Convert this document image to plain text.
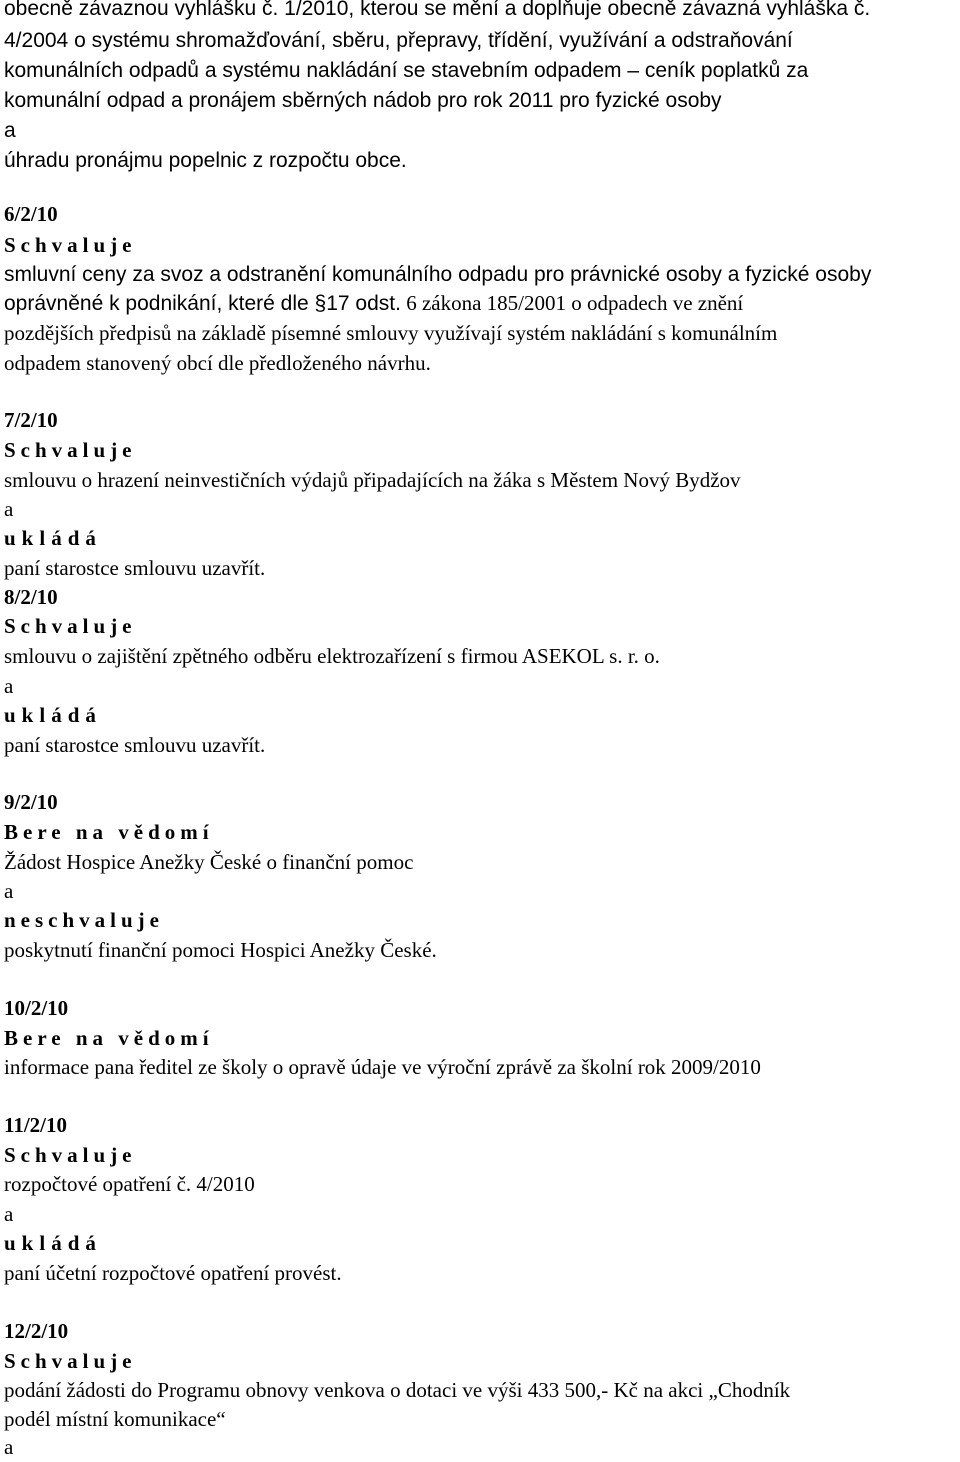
obecně závaznou vyhlášku č. 1/2010, kterou se mění a doplňuje obecně závazná vyhláška č.
4/2004 o systému shromažďování, sběru, přepravy, třídění, využívání a odstraňování
komunálních odpadů a systému nakládání se stavebním odpadem – ceník poplatků za
komunální odpad a pronájem sběrných nádob pro rok 2011 pro fyzické osoby
a
úhradu pronájmu popelnic z rozpočtu obce.
6/2/10
Schvaluje
smluvní ceny za svoz a odstranění komunálního odpadu pro právnické osoby a fyzické osoby
oprávněné k podnikání, které dle §17 odst. 6 zákona 185/2001 o odpadech ve znění
pozdějších předpisů na základě písemné smlouvy využívají systém nakládání s komunálním
odpadem stanovený obcí dle předloženého návrhu.
7/2/10
Schvaluje
smlouvu o hrazení neinvestičních výdajů připadajících na žáka s Městem Nový Bydžov
a
ukládá
paní starostce smlouvu uzavřít.
8/2/10
Schvaluje
smlouvu o zajištění zpětného odběru elektrozařízení s firmou ASEKOL s. r. o.
a
ukládá
paní starostce smlouvu uzavřít.
9/2/10
Bere na vědomí
Žádost Hospice Anežky České o finanční pomoc
a
neschvaluje
poskytnutí finanční pomoci Hospici Anežky České.
10/2/10
Bere na vědomí
informace pana ředitel ze školy o opravě údaje ve výroční zprávě za školní rok 2009/2010
11/2/10
Schvaluje
rozpočtové opatření č. 4/2010
a
ukládá
paní účetní rozpočtové opatření provést.
12/2/10
Schvaluje
podání žádosti do Programu obnovy venkova o dotaci ve výši 433 500,- Kč na akci „Chodník
podél místní komunikace“
a
